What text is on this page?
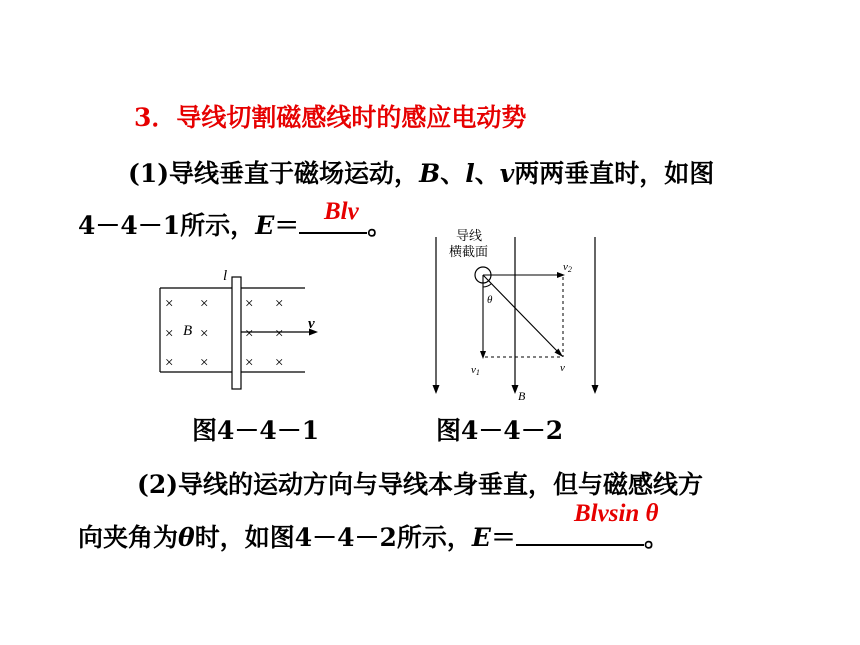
3．导线切割磁感线时的感应电动势
(1)导线垂直于磁场运动，B、l、v两两垂直时，如图
4－4－1所示，E＝	。
Blv
× × × ×
× × × ×
× × × ×
B
l
v
图4－4－1
B
导线
横截面
v2
v1	v
θ
图4－4－2
(2)导线的运动方向与导线本身垂直，但与磁感线方
向夹角为θ时，如图4－4－2所示，E＝	。
Blvsin θ
